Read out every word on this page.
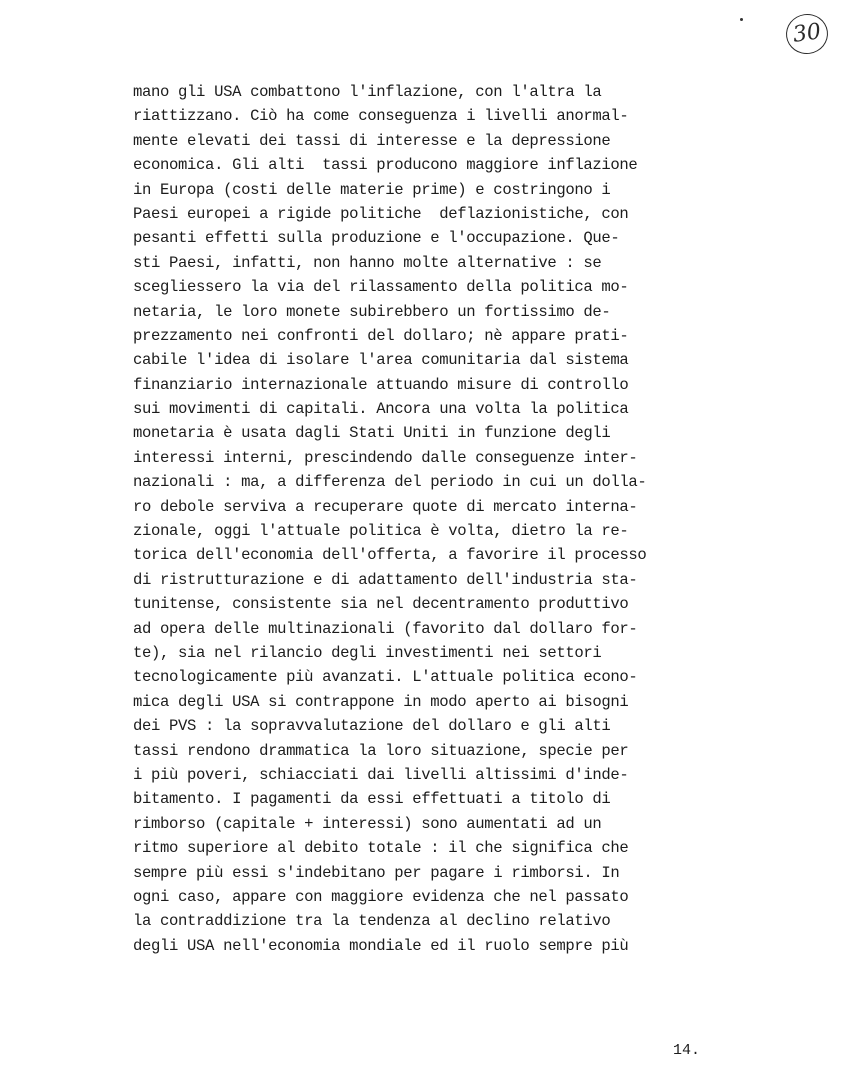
30
mano gli USA combattono l'inflazione, con l'altra la
riattizzano. Ciò ha come conseguenza i livelli anormal-
mente elevati dei tassi di interesse e la depressione
economica. Gli alti  tassi producono maggiore inflazione
in Europa (costi delle materie prime) e costringono i
Paesi europei a rigide politiche  deflazionistiche, con
pesanti effetti sulla produzione e l'occupazione. Que-
sti Paesi, infatti, non hanno molte alternative : se
scegliessero la via del rilassamento della politica mo-
netaria, le loro monete subirebbero un fortissimo de-
prezzamento nei confronti del dollaro; nè appare prati-
cabile l'idea di isolare l'area comunitaria dal sistema
finanziario internazionale attuando misure di controllo
sui movimenti di capitali. Ancora una volta la politica
monetaria è usata dagli Stati Uniti in funzione degli
interessi interni, prescindendo dalle conseguenze inter-
nazionali : ma, a differenza del periodo in cui un dolla-
ro debole serviva a recuperare quote di mercato interna-
zionale, oggi l'attuale politica è volta, dietro la re-
torica dell'economia dell'offerta, a favorire il processo
di ristrutturazione e di adattamento dell'industria sta-
tunitense, consistente sia nel decentramento produttivo
ad opera delle multinazionali (favorito dal dollaro for-
te), sia nel rilancio degli investimenti nei settori
tecnologicamente più avanzati. L'attuale politica econo-
mica degli USA si contrappone in modo aperto ai bisogni
dei PVS : la sopravvalutazione del dollaro e gli alti
tassi rendono drammatica la loro situazione, specie per
i più poveri, schiacciati dai livelli altissimi d'inde-
bitamento. I pagamenti da essi effettuati a titolo di
rimborso (capitale + interessi) sono aumentati ad un
ritmo superiore al debito totale : il che significa che
sempre più essi s'indebitano per pagare i rimborsi. In
ogni caso, appare con maggiore evidenza che nel passato
la contraddizione tra la tendenza al declino relativo
degli USA nell'economia mondiale ed il ruolo sempre più
14.
